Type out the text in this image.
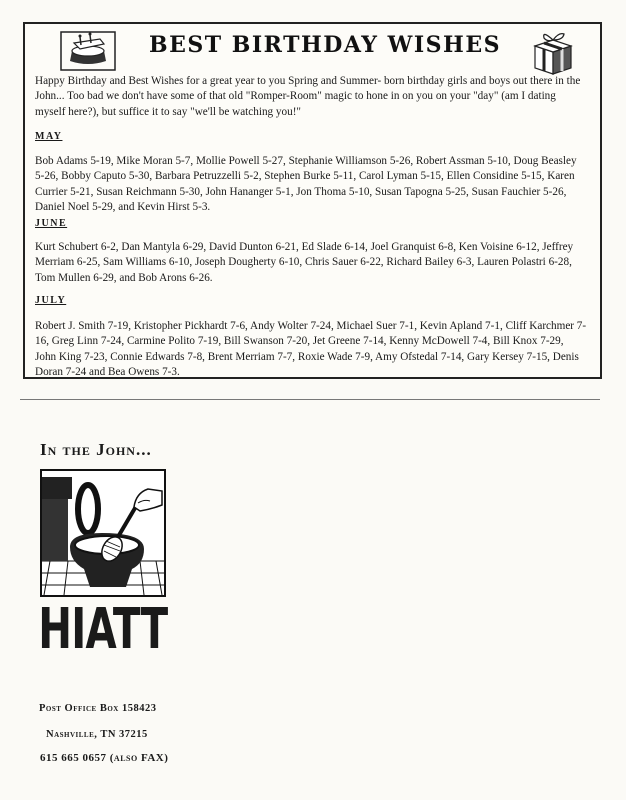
BEST BIRTHDAY WISHES

Happy Birthday and Best Wishes for a great year to you Spring and Summer- born birthday girls and boys out there in the John... Too bad we don't have some of that old "Romper-Room" magic to hone in on you on your "day" (am I dating myself here?), but suffice it to say "we'll be watching you!"

MAY

Bob Adams 5-19, Mike Moran 5-7, Mollie Powell 5-27, Stephanie Williamson 5-26, Robert Assman 5-10, Doug Beasley 5-26, Bobby Caputo 5-30, Barbara Petruzzelli 5-2, Stephen Burke 5-11, Carol Lyman 5-15, Ellen Considine 5-15, Karen Currier 5-21, Susan Reichmann 5-30, John Hananger 5-1, Jon Thoma 5-10, Susan Tapogna 5-25, Susan Fauchier 5-26, Daniel Noel 5-29, and Kevin Hirst 5-3.

JUNE

Kurt Schubert 6-2, Dan Mantyla 6-29, David Dunton 6-21, Ed Slade 6-14, Joel Granquist 6-8, Ken Voisine 6-12, Jeffrey Merriam 6-25, Sam Williams 6-10, Joseph Dougherty 6-10, Chris Sauer 6-22, Richard Bailey 6-3, Lauren Polastri 6-28, Tom Mullen 6-29, and Bob Arons 6-26.

JULY

Robert J. Smith 7-19, Kristopher Pickhardt 7-6, Andy Wolter 7-24, Michael Suer 7-1, Kevin Apland 7-1, Cliff Karchmer 7-16, Greg Linn 7-24, Carmine Polito 7-19, Bill Swanson 7-20, Jet Greene 7-14, Kenny McDowell 7-4, Bill Knox 7-29, John King 7-23, Connie Edwards 7-8, Brent Merriam 7-7, Roxie Wade 7-9, Amy Ofstedal 7-14, Gary Kersey 7-15, Denis Doran 7-24 and Bea Owens 7-3.

In the John...
HIATT
Post Office Box 158423
Nashville, TN 37215
615 665 0657 (also FAX)
